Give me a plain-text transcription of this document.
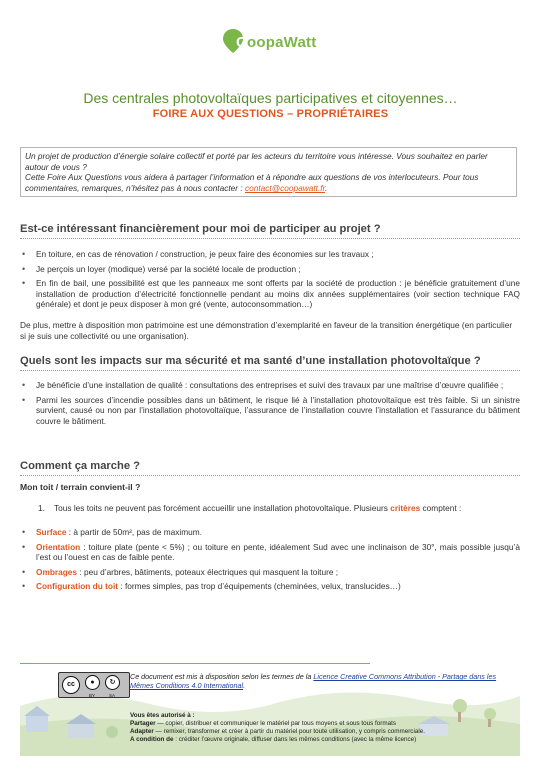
CoopaWatt
Des centrales photovoltaïques participatives et citoyennes…
FOIRE AUX QUESTIONS – PROPRIÉTAIRES
Un projet de production d’énergie solaire collectif et porté par les acteurs du territoire vous intéresse. Vous souhaitez en parler autour de vous ?
Cette Foire Aux Questions vous aidera à partager l’information et à répondre aux questions de vos interlocuteurs. Pour tous commentaires, remarques, n’hésitez pas à nous contacter : contact@coopawatt.fr.
Est-ce intéressant financièrement pour moi de participer au projet ?
• En toiture, en cas de rénovation / construction, je peux faire des économies sur les travaux ;
• Je perçois un loyer (modique) versé par la société locale de production ;
• En fin de bail, une possibilité est que les panneaux me sont offerts par la société de production : je bénéficie gratuitement d’une installation de production d’électricité fonctionnelle pendant au moins dix années supplémentaires (voir section technique FAQ générale) et dont je peux disposer à mon gré (vente, autoconsommation…)
De plus, mettre à disposition mon patrimoine est une démonstration d’exemplarité en faveur de la transition énergétique (en particulier si je suis une collectivité ou une organisation).
Quels sont les impacts sur ma sécurité et ma santé d’une installation photovoltaïque ?
• Je bénéficie d’une installation de qualité : consultations des entreprises et suivi des travaux par une maîtrise d’œuvre qualifiée ;
• Parmi les sources d’incendie possibles dans un bâtiment, le risque lié à l’installation photovoltaïque est très faible. Si un sinistre survient, causé ou non par l’installation photovoltaïque, l’assurance de l’installation couvre l’installation et l’assurance du bâtiment couvre le bâtiment.
Comment ça marche ?
Mon toit / terrain convient-il ?
1.	Tous les toits ne peuvent pas forcément accueillir une installation photovoltaïque. Plusieurs critères comptent :
• Surface : à partir de 50m², pas de maximum.
• Orientation : toiture plate (pente < 5%) ; ou toiture en pente, idéalement Sud avec une inclinaison de 30°, mais possible jusqu’à l’est ou l’ouest en cas de faible pente.
• Ombrages : peu d’arbres, bâtiments, poteaux électriques qui masquent la toiture ;
• Configuration du toit : formes simples, pas trop d’équipements (cheminées, velux, translucides…)
cc	●	↻
BY	SA
Ce document est mis à disposition selon les termes de la Licence Creative Commons Attribution - Partage dans les Mêmes Conditions 4.0 International.
Vous êtes autorisé à :
Partager — copier, distribuer et communiquer le matériel par tous moyens et sous tous formats
Adapter — remixer, transformer et créer à partir du matériel pour toute utilisation, y compris commerciale.
A condition de : créditer l’œuvre originale, diffuser dans les mêmes conditions (avec la même licence)
